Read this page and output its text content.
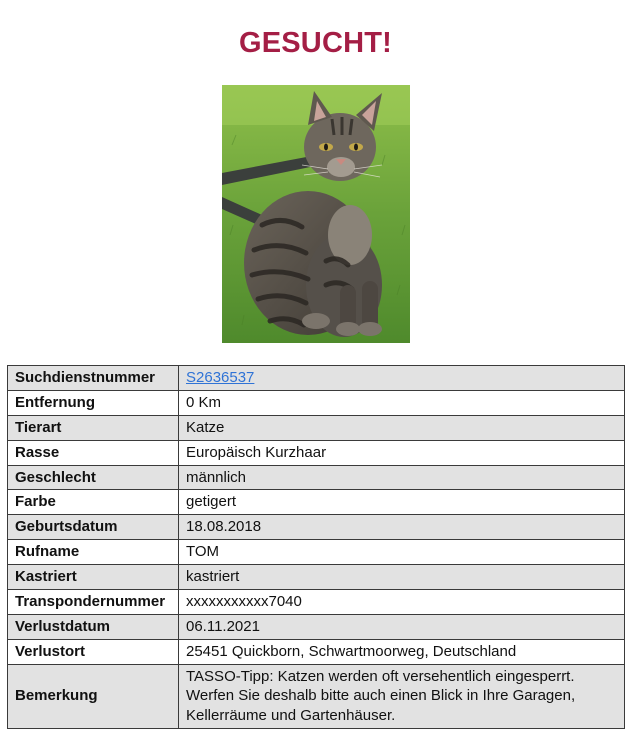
GESUCHT!
Suchdienstnummer	S2636537
Entfernung	0 Km
Tierart	Katze
Rasse	Europäisch Kurzhaar
Geschlecht	männlich
Farbe	getigert
Geburtsdatum	18.08.2018
Rufname	TOM
Kastriert	kastriert
Transpondernummer	xxxxxxxxxxx7040
Verlustdatum	06.11.2021
Verlustort	25451 Quickborn, Schwartmoorweg, Deutschland
Bemerkung	TASSO-Tipp: Katzen werden oft versehentlich eingesperrt. Werfen Sie deshalb bitte auch einen Blick in Ihre Garagen, Kellerräume und Gartenhäuser.
